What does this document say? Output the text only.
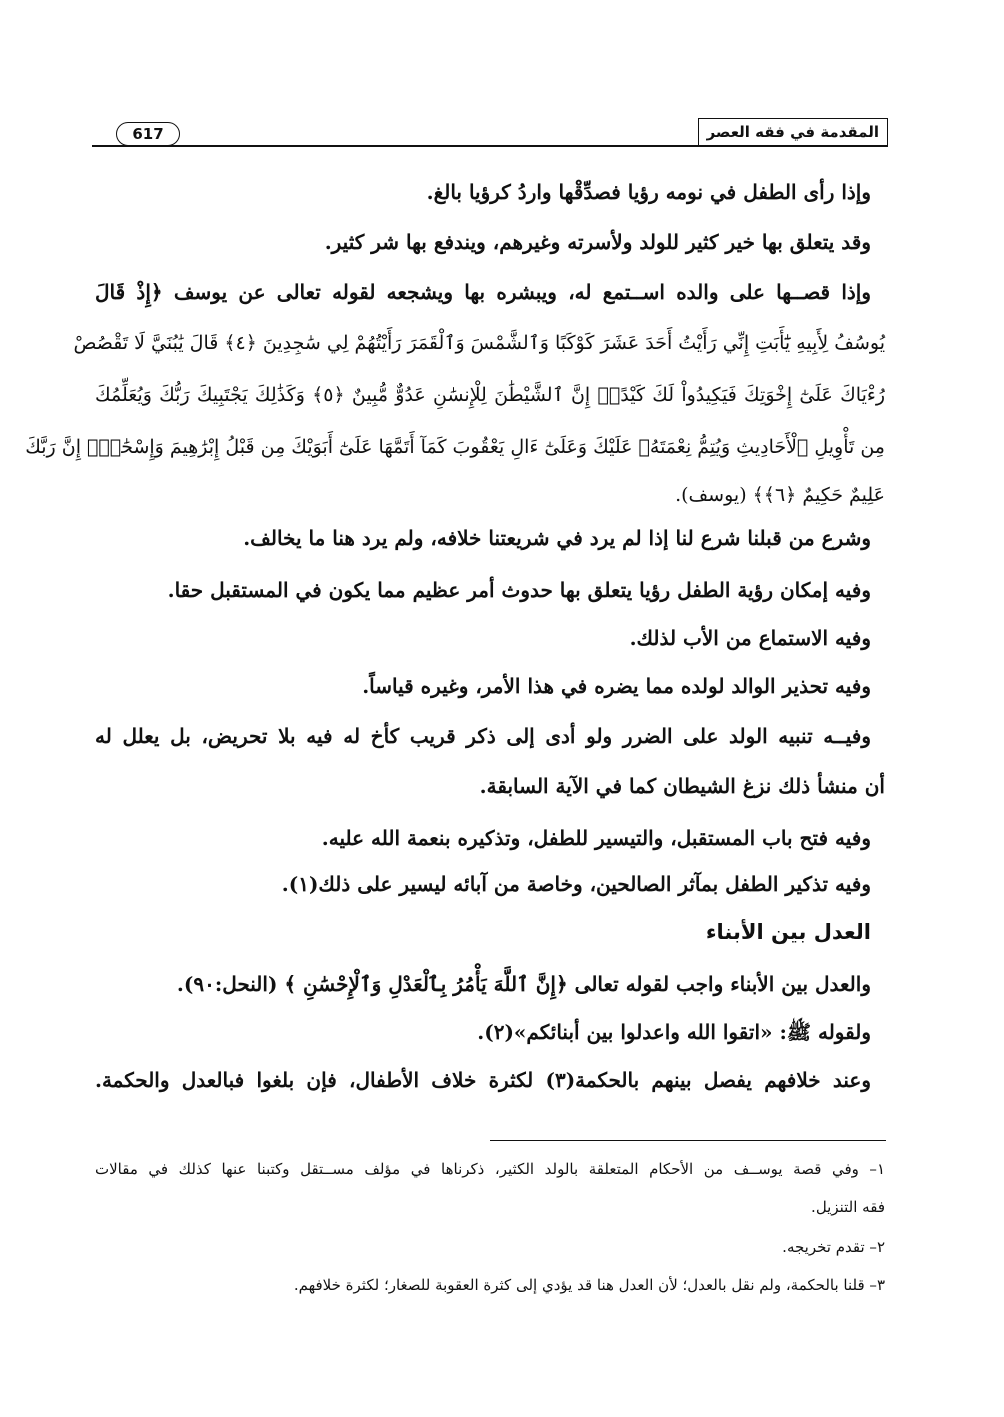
617	المقدمة في فقه العصر
وإذا رأى الطفل في نومه رؤيا فصدِّقْها واردُ كرؤيا بالغ.
وقد يتعلق بها خير كثير للولد ولأسرته وغيرهم، ويندفع بها شر كثير.
وإذا قصــها على والده اســتمع له، ويبشره بها ويشجعه لقوله تعالى عن يوسف ﴿إِذْ قَالَ
يُوسُفُ لِأَبِيهِ يَٰٓأَبَتِ إِنِّي رَأَيْتُ أَحَدَ عَشَرَ كَوْكَبًا وَٱلشَّمْسَ وَٱلْقَمَرَ رَأَيْتُهُمْ لِي سَٰجِدِينَ ﴿٤﴾ قَالَ يَٰبُنَيَّ لَا تَقْصُصْ
رُءْيَاكَ عَلَىٰٓ إِخْوَتِكَ فَيَكِيدُواْ لَكَ كَيْدًاۖ إِنَّ ٱلشَّيْطَٰنَ لِلْإِنسَٰنِ عَدُوٌّ مُّبِينٌ ﴿٥﴾ وَكَذَٰلِكَ يَجْتَبِيكَ رَبُّكَ وَيُعَلِّمُكَ
مِن تَأْوِيلِ ٱلْأَحَادِيثِ وَيُتِمُّ نِعْمَتَهُۥ عَلَيْكَ وَعَلَىٰٓ ءَالِ يَعْقُوبَ كَمَآ أَتَمَّهَا عَلَىٰٓ أَبَوَيْكَ مِن قَبْلُ إِبْرَٰهِيمَ وَإِسْحَٰقَۚ إِنَّ رَبَّكَ
عَلِيمٌ حَكِيمٌ ﴿٦﴾﴾ (يوسف).
وشرع من قبلنا شرع لنا إذا لم يرد في شريعتنا خلافه، ولم يرد هنا ما يخالف.
وفيه إمكان رؤية الطفل رؤيا يتعلق بها حدوث أمر عظيم مما يكون في المستقبل حقا.
وفيه الاستماع من الأب لذلك.
وفيه تحذير الوالد لولده مما يضره في هذا الأمر، وغيره قياساً.
وفيــه تنبيه الولد على الضرر ولو أدى إلى ذكر قريب كأخ له فيه بلا تحريض، بل يعلل له
أن منشأ ذلك نزغ الشيطان كما في الآية السابقة.
وفيه فتح باب المستقبل، والتيسير للطفل، وتذكيره بنعمة الله عليه.
وفيه تذكير الطفل بمآثر الصالحين، وخاصة من آبائه ليسير على ذلك(١).
العدل بين الأبناء
والعدل بين الأبناء واجب لقوله تعالى ﴿إِنَّ ٱللَّهَ يَأْمُرُ بِٱلْعَدْلِ وَٱلْإِحْسَٰنِ ﴾ (النحل:٩٠).
ولقوله ﷺ: «اتقوا الله واعدلوا بين أبنائكم»(٢).
وعند خلافهم يفصل بينهم بالحكمة(٣) لكثرة خلاف الأطفال، فإن بلغوا فبالعدل والحكمة.
١– وفي قصة يوســف من الأحكام المتعلقة بالولد الكثير، ذكرناها في مؤلف مســتقل وكتبنا عنها كذلك في مقالات
فقه التنزيل.
٢– تقدم تخريجه.
٣– قلنا بالحكمة، ولم نقل بالعدل؛ لأن العدل هنا قد يؤدي إلى كثرة العقوبة للصغار؛ لكثرة خلافهم.
